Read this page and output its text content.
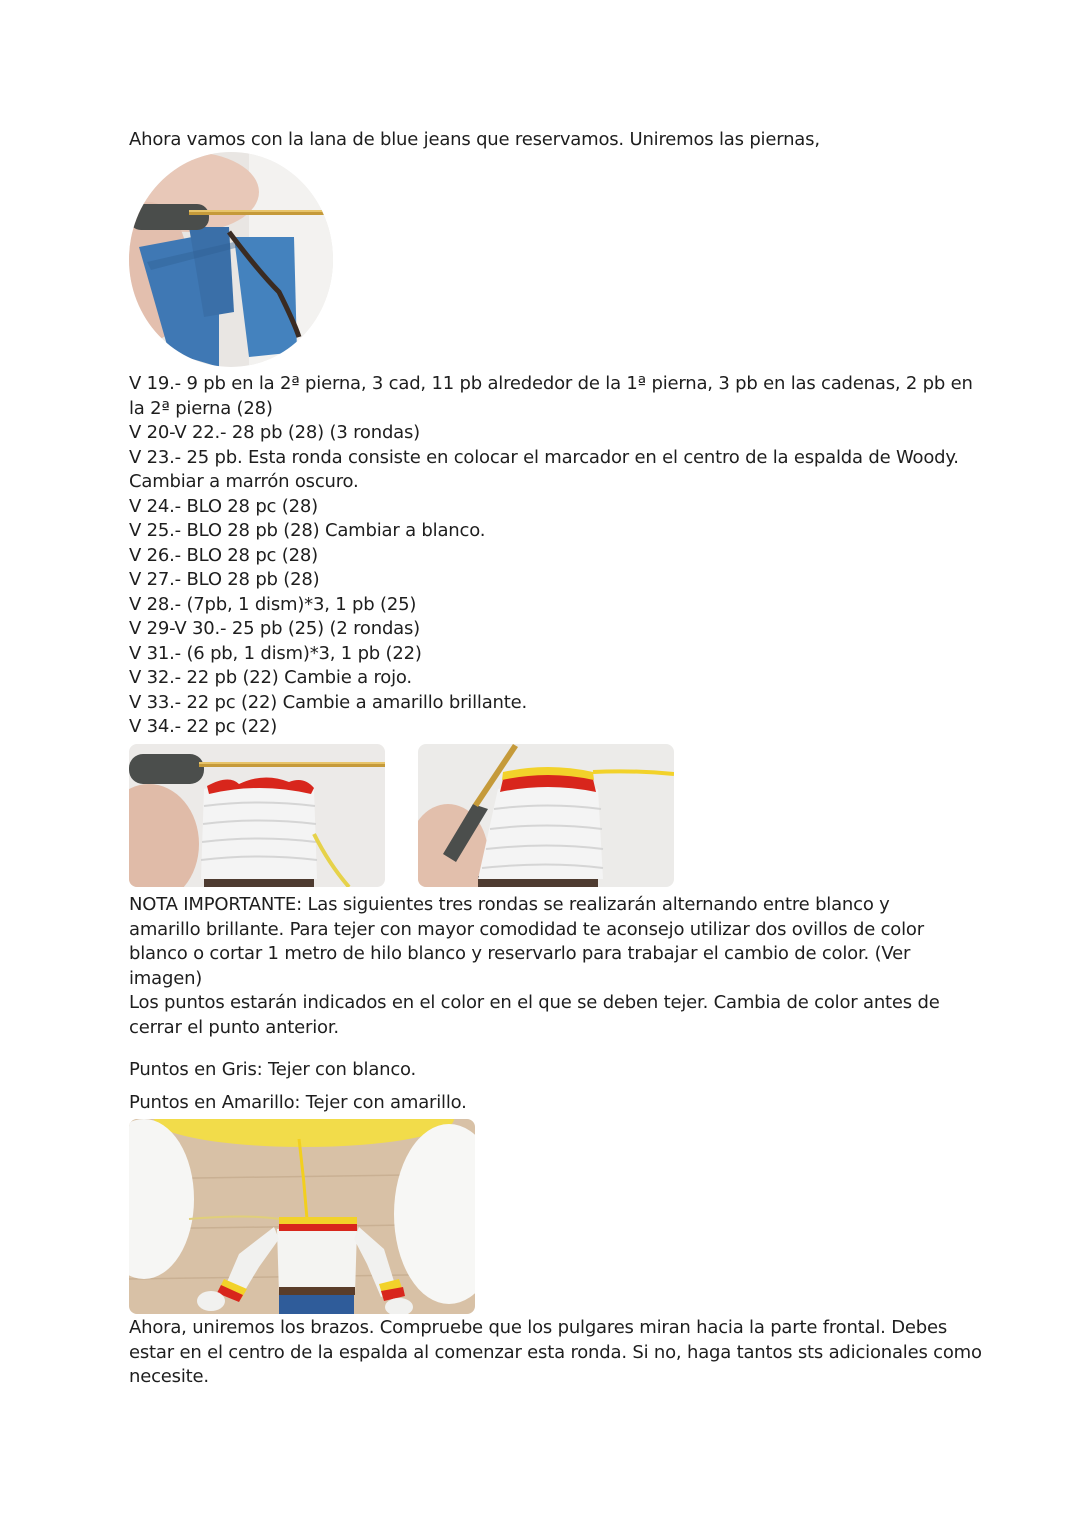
Ahora vamos con la lana de blue jeans que reservamos. Uniremos las piernas,
V 19.- 9 pb en la 2ª pierna, 3 cad, 11 pb alrededor de la 1ª pierna, 3 pb en las cadenas, 2 pb en
la 2ª pierna (28)
V 20-V 22.- 28 pb (28) (3 rondas)
V 23.- 25 pb. Esta ronda consiste en colocar el marcador en el centro de la espalda de Woody.
Cambiar a marrón oscuro.
V 24.- BLO 28 pc (28)
V 25.- BLO 28 pb (28) Cambiar a blanco.
V 26.- BLO 28 pc (28)
V 27.- BLO 28 pb (28)
V 28.- (7pb, 1 dism)*3, 1 pb (25)
V 29-V 30.- 25 pb (25) (2 rondas)
V 31.- (6 pb, 1 dism)*3, 1 pb (22)
V 32.- 22 pb (22) Cambie a rojo.
V 33.- 22 pc (22) Cambie a amarillo brillante.
V 34.- 22 pc (22)
NOTA IMPORTANTE: Las siguientes tres rondas se realizarán alternando entre blanco y
amarillo brillante. Para tejer con mayor comodidad te aconsejo utilizar dos ovillos de color
blanco o cortar 1 metro de hilo blanco y reservarlo para trabajar el cambio de color. (Ver
imagen)
Los puntos estarán indicados en el color en el que se deben tejer. Cambia de color antes de
cerrar el punto anterior.
Puntos en Gris: Tejer con blanco.
Puntos en Amarillo: Tejer con amarillo.
Ahora, uniremos los brazos. Compruebe que los pulgares miran hacia la parte frontal. Debes
estar en el centro de la espalda al comenzar esta ronda. Si no, haga tantos sts adicionales como
necesite.
